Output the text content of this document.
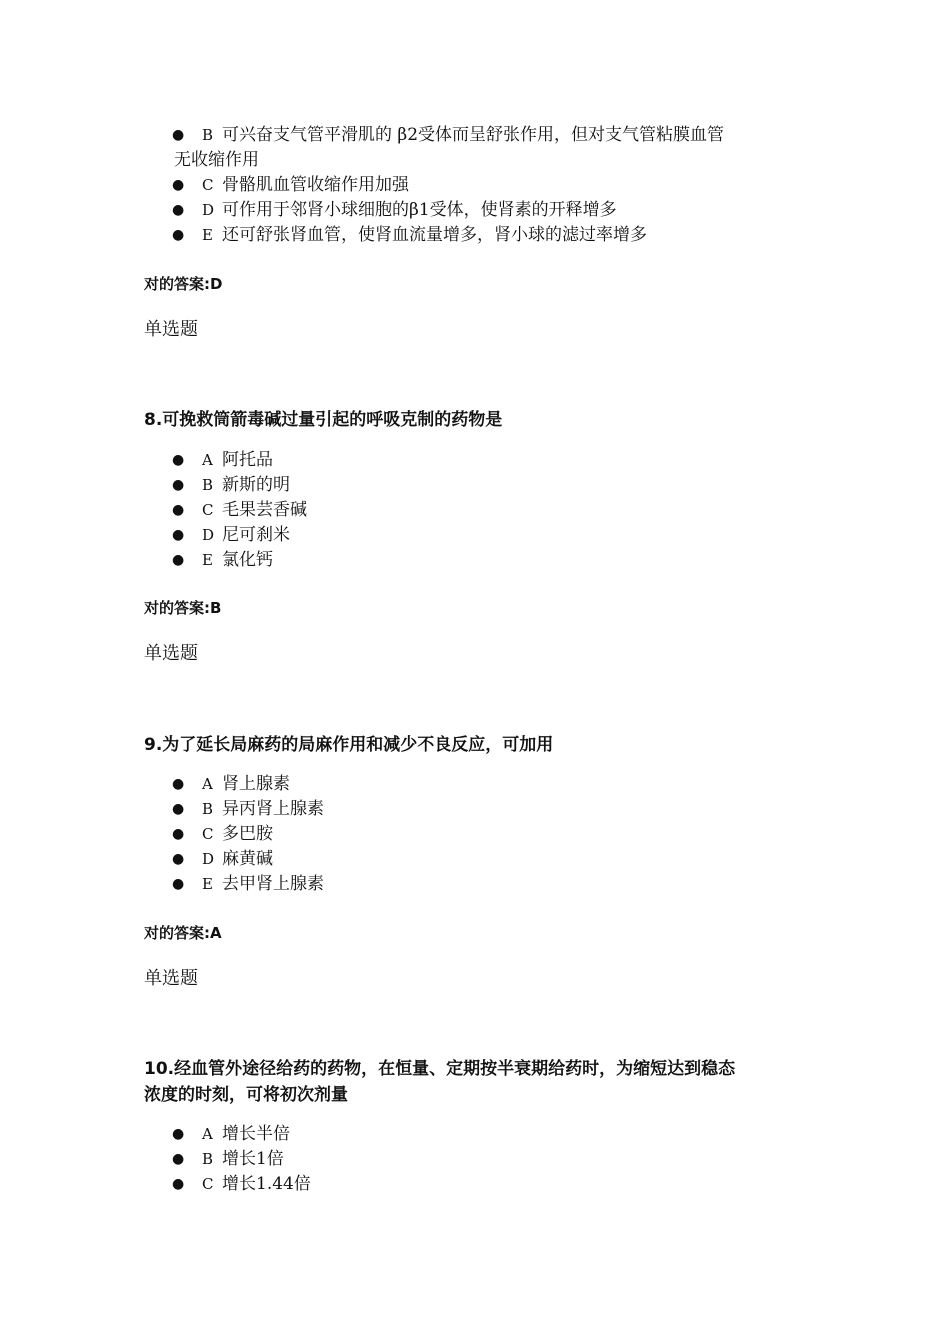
●	B 可兴奋支气管平滑肌的 β2受体而呈舒张作用，但对支气管粘膜血管
无收缩作用
● C 骨骼肌血管收缩作用加强
● D 可作用于邻肾小球细胞的β1受体，使肾素的开释增多
● E 还可舒张肾血管，使肾血流量增多，肾小球的滤过率增多
对的答案:D
单选题

8.可挽救筒箭毒碱过量引起的呼吸克制的药物是

● A 阿托品
● B 新斯的明
● C 毛果芸香碱
● D 尼可刹米
● E 氯化钙
对的答案:B
单选题

9.为了延长局麻药的局麻作用和减少不良反应，可加用

● A 肾上腺素
● B 异丙肾上腺素
● C 多巴胺
● D 麻黄碱
● E 去甲肾上腺素
对的答案:A
单选题

10.经血管外途径给药的药物，在恒量、定期按半衰期给药时，为缩短达到稳态
浓度的时刻，可将初次剂量

● A 增长半倍
● B 增长1倍
● C 增长1.44倍
